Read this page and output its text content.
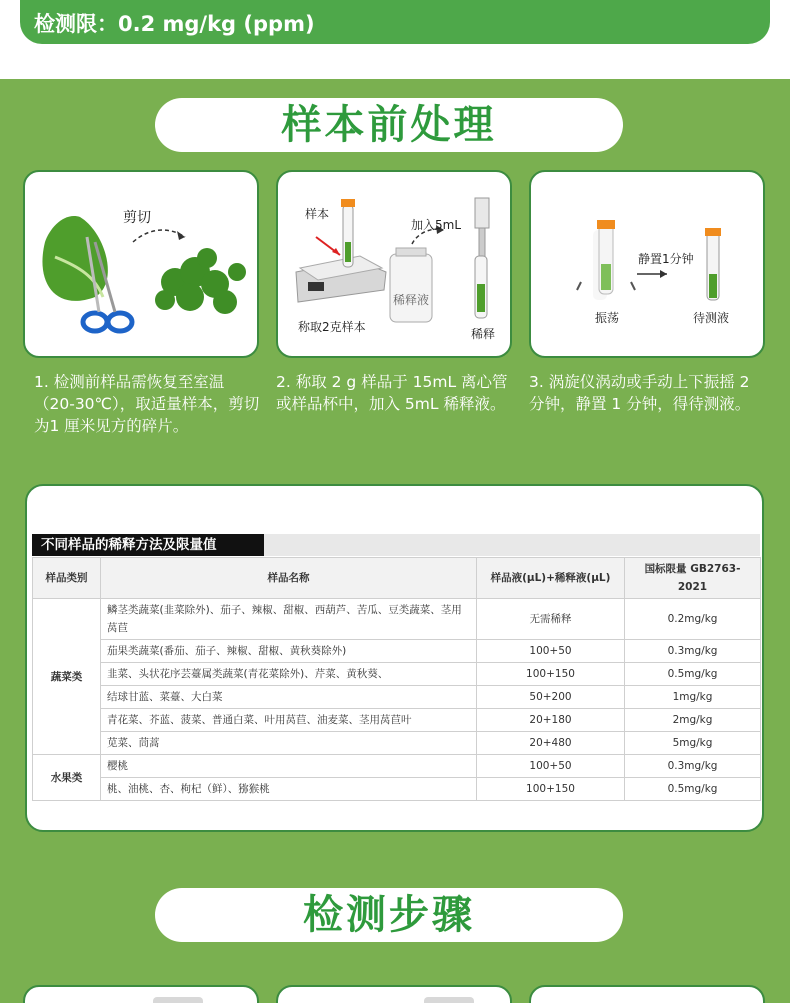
检测限：0.2 mg/kg (ppm)
样本前处理
剪切	样本
加入5mL
稀释液
称取2克样本	稀释
静置1分钟
振荡	待测液
1. 检测前样品需恢复至室温（20-30℃），取适量样本，剪切为1 厘米见方的碎片。
2. 称取 2 g 样品于 15mL 离心管或样品杯中，加入 5mL 稀释液。
3. 涡旋仪涡动或手动上下振摇 2 分钟，静置 1 分钟，得待测液。
不同样品的稀释方法及限量值
样品类别	样品名称	样品液(μL)+稀释液(μL)	国标限量 GB2763-2021
蔬菜类	鳞茎类蔬菜(韭菜除外)、茄子、辣椒、甜椒、西葫芦、苦瓜、豆类蔬菜、茎用莴苣	无需稀释	0.2mg/kg
	茄果类蔬菜(番茄、茄子、辣椒、甜椒、黄秋葵除外)	100+50	0.3mg/kg
	韭菜、头状花序芸薹属类蔬菜(青花菜除外)、芹菜、黄秋葵、	100+150	0.5mg/kg
	结球甘蓝、菜薹、大白菜	50+200	1mg/kg
	青花菜、芥蓝、菠菜、普通白菜、叶用莴苣、油麦菜、茎用莴苣叶	20+180	2mg/kg
	苋菜、茼蒿	20+480	5mg/kg
水果类	樱桃	100+50	0.3mg/kg
	桃、油桃、杏、枸杞（鲜）、猕猴桃	100+150	0.5mg/kg
检测步骤
